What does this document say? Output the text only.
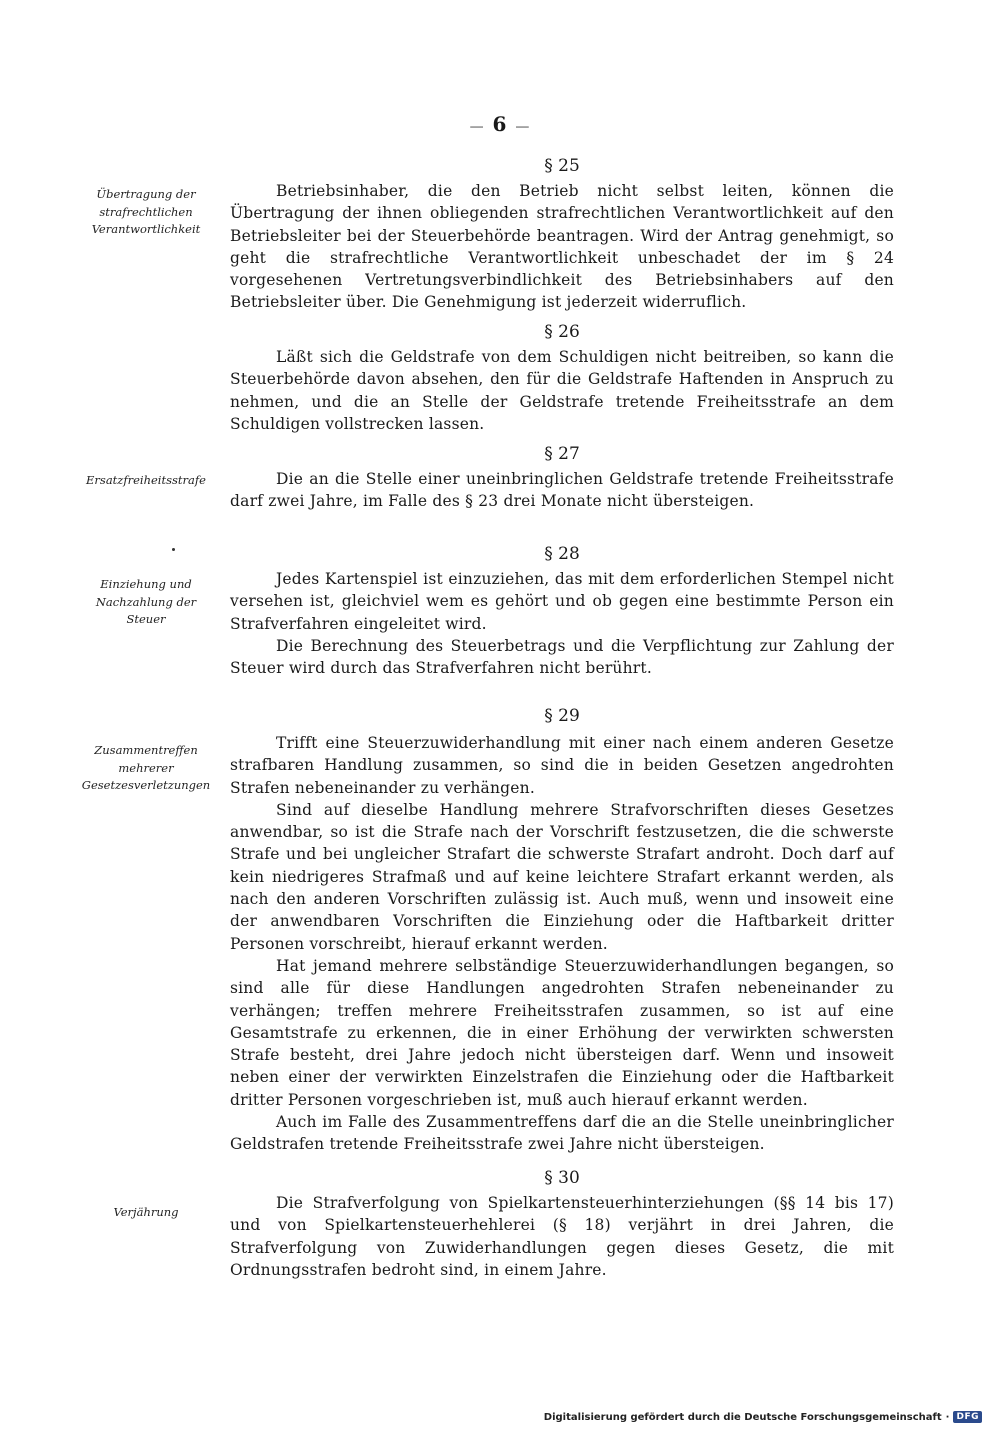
— 6 —
§ 25
Übertragung der strafrechtlichen Verantwortlichkeit

Betriebsinhaber, die den Betrieb nicht selbst leiten, können die Übertragung der ihnen obliegenden strafrechtlichen Verantwortlichkeit auf den Betriebsleiter bei der Steuerbehörde beantragen. Wird der Antrag genehmigt, so geht die strafrechtliche Verantwortlichkeit unbeschadet der im § 24 vorgesehenen Vertretungsverbindlichkeit des Betriebsinhabers auf den Betriebsleiter über. Die Genehmigung ist jederzeit widerruflich.

§ 26

Läßt sich die Geldstrafe von dem Schuldigen nicht beitreiben, so kann die Steuerbehörde davon absehen, den für die Geldstrafe Haftenden in Anspruch zu nehmen, und die an Stelle der Geldstrafe tretende Freiheitsstrafe an dem Schuldigen vollstrecken lassen.

§ 27
Ersatzfreiheitsstrafe	Die an die Stelle einer uneinbringlichen Geldstrafe tretende Freiheitsstrafe darf zwei Jahre, im Falle des § 23 drei Monate nicht übersteigen.

§ 28
Einziehung und Nachzahlung der Steuer

Jedes Kartenspiel ist einzuziehen, das mit dem erforderlichen Stempel nicht versehen ist, gleichviel wem es gehört und ob gegen eine bestimmte Person ein Strafverfahren eingeleitet wird.

Die Berechnung des Steuerbetrags und die Verpflichtung zur Zahlung der Steuer wird durch das Strafverfahren nicht berührt.

§ 29
Zusammentreffen mehrerer Gesetzesverletzungen

Trifft eine Steuerzuwiderhandlung mit einer nach einem anderen Gesetze strafbaren Handlung zusammen, so sind die in beiden Gesetzen angedrohten Strafen nebeneinander zu verhängen.

Sind auf dieselbe Handlung mehrere Strafvorschriften dieses Gesetzes anwendbar, so ist die Strafe nach der Vorschrift festzusetzen, die die schwerste Strafe und bei ungleicher Strafart die schwerste Strafart androht. Doch darf auf kein niedrigeres Strafmaß und auf keine leichtere Strafart erkannt werden, als nach den anderen Vorschriften zulässig ist. Auch muß, wenn und insoweit eine der anwendbaren Vorschriften die Einziehung oder die Haftbarkeit dritter Personen vorschreibt, hierauf erkannt werden.

Hat jemand mehrere selbständige Steuerzuwiderhandlungen begangen, so sind alle für diese Handlungen angedrohten Strafen nebeneinander zu verhängen; treffen mehrere Freiheitsstrafen zusammen, so ist auf eine Gesamtstrafe zu erkennen, die in einer Erhöhung der verwirkten schwersten Strafe besteht, drei Jahre jedoch nicht übersteigen darf. Wenn und insoweit neben einer der verwirkten Einzelstrafen die Einziehung oder die Haftbarkeit dritter Personen vorgeschrieben ist, muß auch hierauf erkannt werden.

Auch im Falle des Zusammentreffens darf die an die Stelle uneinbringlicher Geldstrafen tretende Freiheitsstrafe zwei Jahre nicht übersteigen.

§ 30
Verjährung	Die Strafverfolgung von Spielkartensteuerhinterziehungen (§§ 14 bis 17) und von Spielkartensteuerhehlerei (§ 18) verjährt in drei Jahren, die Strafverfolgung von Zuwiderhandlungen gegen dieses Gesetz, die mit Ordnungsstrafen bedroht sind, in einem Jahre.

Digitalisierung gefördert durch die Deutsche Forschungsgemeinschaft · DFG
